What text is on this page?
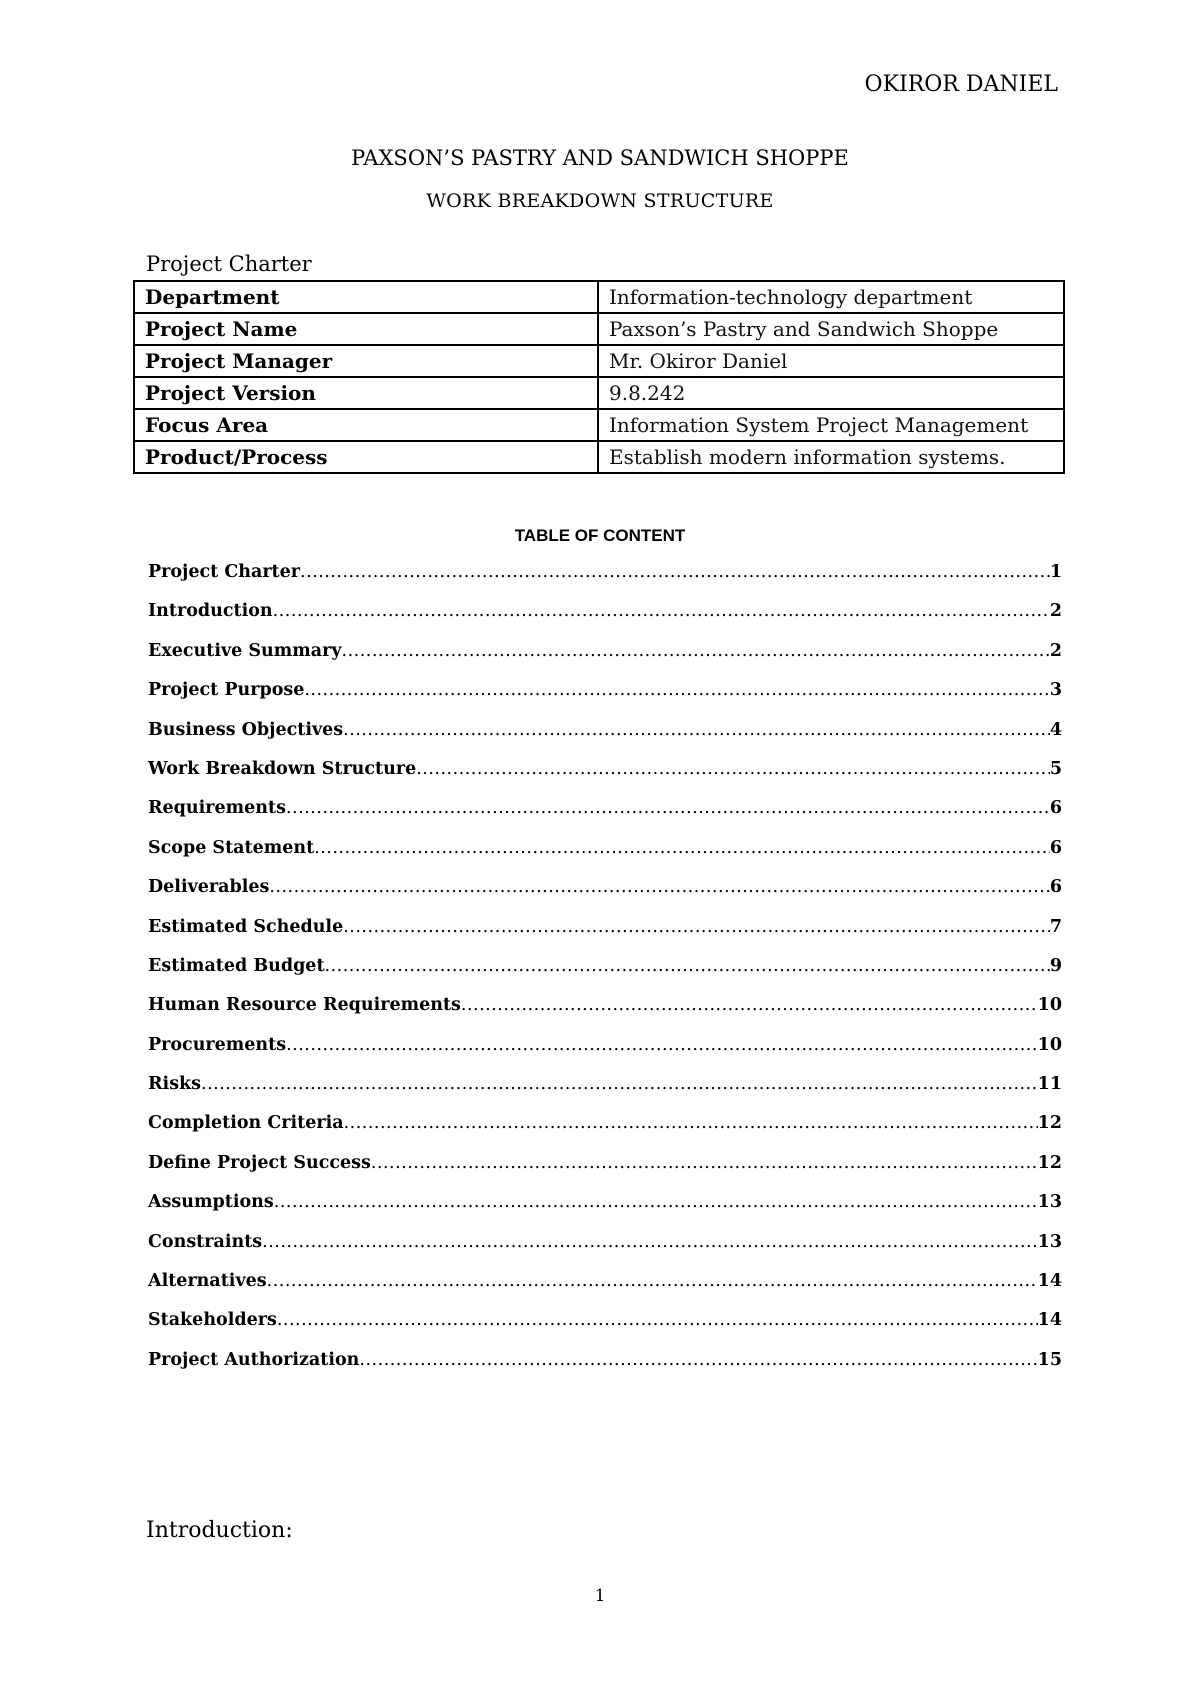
OKIROR DANIEL
PAXSON’S PASTRY AND SANDWICH SHOPPE
WORK BREAKDOWN STRUCTURE
Project Charter
Department	Information-technology department
Project Name	Paxson’s Pastry and Sandwich Shoppe
Project Manager	Mr. Okiror Daniel
Project Version	9.8.242
Focus Area	Information System Project Management
Product/Process	Establish modern information systems.
TABLE OF CONTENT
Project Charter .....	1
Introduction .....	2
Executive Summary .....	2
Project Purpose .....	3
Business Objectives .....	4
Work Breakdown Structure .....	5
Requirements .....	6
Scope Statement .....	6
Deliverables .....	6
Estimated Schedule .....	7
Estimated Budget .....	9
Human Resource Requirements .....	10
Procurements .....	10
Risks .....	11
Completion Criteria .....	12
Define Project Success .....	12
Assumptions .....	13
Constraints .....	13
Alternatives .....	14
Stakeholders .....	14
Project Authorization .....	15
Introduction:
1
